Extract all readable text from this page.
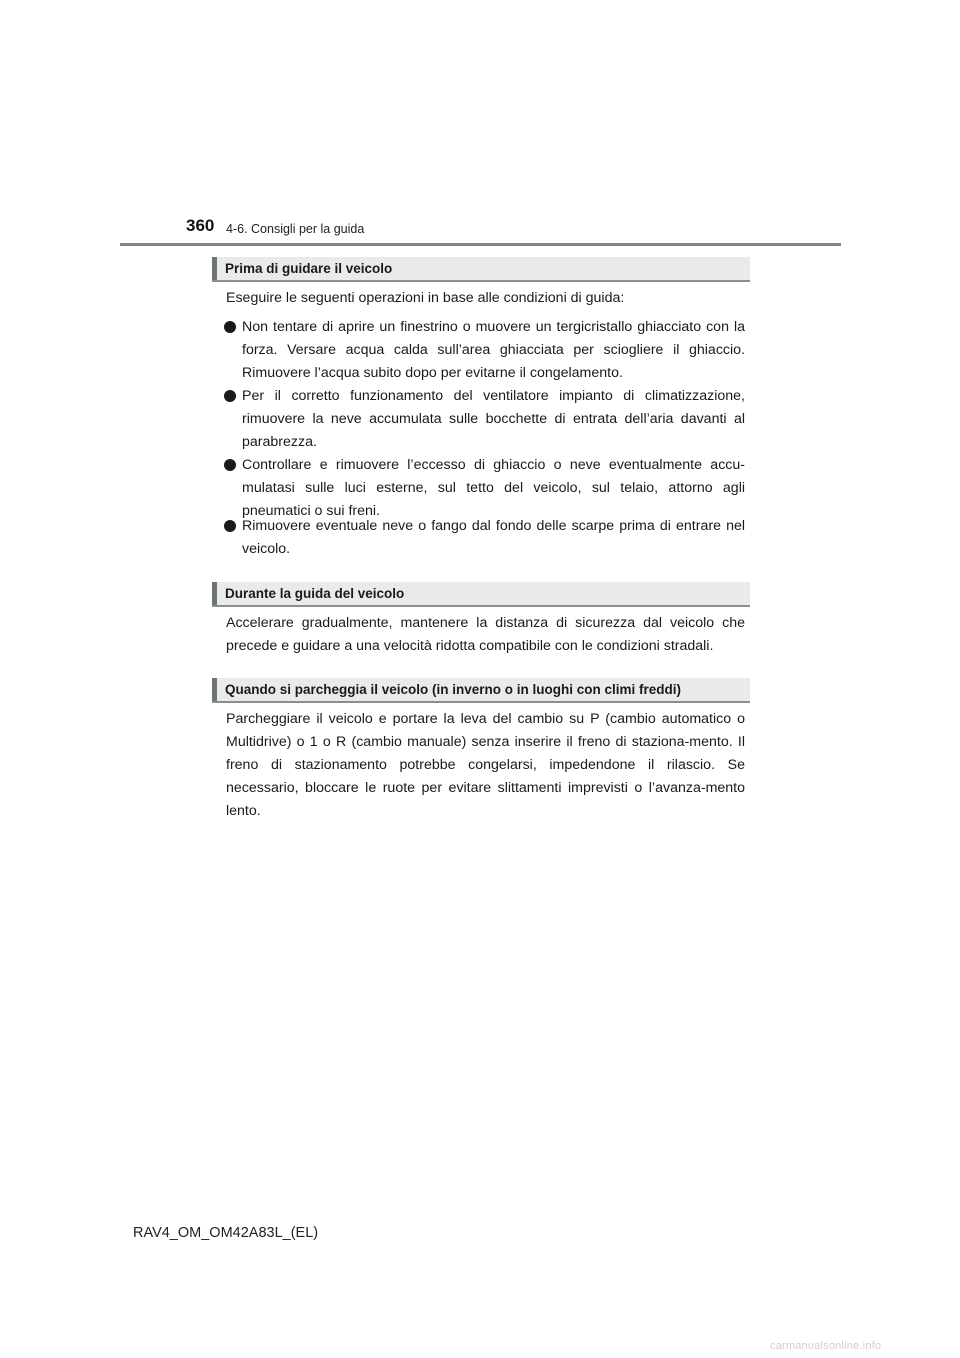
360 4-6. Consigli per la guida
Prima di guidare il veicolo

Eseguire le seguenti operazioni in base alle condizioni di guida:

Non tentare di aprire un finestrino o muovere un tergicristallo ghiacciato con la forza. Versare acqua calda sull’area ghiacciata per sciogliere il ghiaccio. Rimuovere l’acqua subito dopo per evitarne il congelamento.

Per il corretto funzionamento del ventilatore impianto di climatizzazione, rimuovere la neve accumulata sulle bocchette di entrata dell’aria davanti al parabrezza.

Controllare e rimuovere l’eccesso di ghiaccio o neve eventualmente accu-mulatasi sulle luci esterne, sul tetto del veicolo, sul telaio, attorno agli pneumatici o sui freni.

Rimuovere eventuale neve o fango dal fondo delle scarpe prima di entrare nel veicolo.

Durante la guida del veicolo

Accelerare gradualmente, mantenere la distanza di sicurezza dal veicolo che precede e guidare a una velocità ridotta compatibile con le condizioni stradali.

Quando si parcheggia il veicolo (in inverno o in luoghi con climi freddi)

Parcheggiare il veicolo e portare la leva del cambio su P (cambio automatico o Multidrive) o 1 o R (cambio manuale) senza inserire il freno di staziona-mento. Il freno di stazionamento potrebbe congelarsi, impedendone il rilascio. Se necessario, bloccare le ruote per evitare slittamenti imprevisti o l’avanza-mento lento.

RAV4_OM_OM42A83L_(EL)
carmanualsonline.info
